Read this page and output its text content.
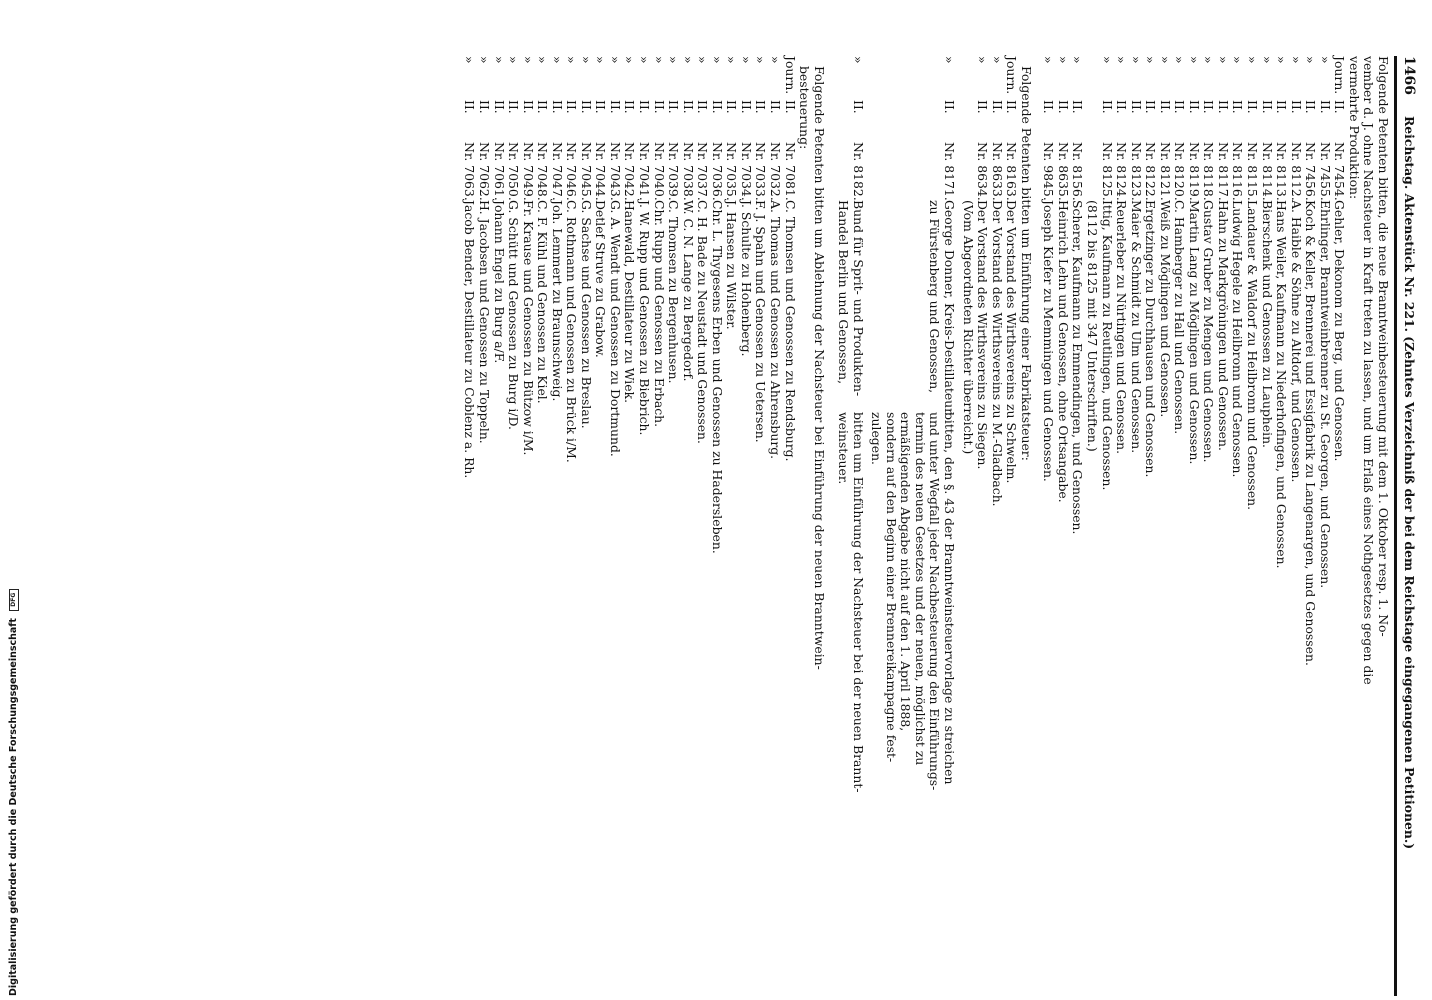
1466
Reichstag. Aktenstück Nr. 221. (Zehntes Verzeichniß der bei dem Reichstage eingegangenen Petitionen.)
Folgende Petenten bitten, die neue Branntweinbesteuerung mit dem 1. Oktober resp. 1. No-
vember d. J. ohne Nachsteuer in Kraft treten zu lassen, und um Erlaß eines Nothgesetzes gegen die
vermehrte Produktion:
Journ.
II.
Nr. 7454.
Gehler, Dekonom zu Berg, und Genossen.
»
II.
Nr. 7455.
Ehrlinger, Branntweinbrenner zu St. Georgen, und Genossen.
»
II.
Nr. 7456.
Koch & Keller, Brennerei und Essigfabrik zu Langenargen, und Genossen.
»
II.
Nr. 8112.
A. Haible & Söhne zu Altdorf, und Genossen.
»
II.
Nr. 8113.
Hans Weiler, Kaufmann zu Niederhofingen, und Genossen.
»
II.
Nr. 8114.
Bierschenk und Genossen zu Lauphein.
»
II.
Nr. 8115.
Landauer & Waldorf zu Heilbronn und Genossen.
»
II.
Nr. 8116.
Ludwig Hegele zu Heilbronn und Genossen.
»
II.
Nr. 8117.
Hahn zu Markgröningen und Genossen.
»
II.
Nr. 8118.
Gustav Gruber zu Mengen und Genossen.
»
II.
Nr. 8119.
Martin Lang zu Möglingen und Genossen.
»
II.
Nr. 8120.
C. Hamberger zu Hall und Genossen.
»
II.
Nr. 8121.
Weiß zu Möglingen und Genossen.
»
II.
Nr. 8122.
Ergetzinger zu Durchhausen und Genossen.
»
II.
Nr. 8123.
Maier & Schmidt zu Ulm und Genossen.
»
II.
Nr. 8124.
Reuerleber zu Nürtingen und Genossen.
»
II.
Nr. 8125.
Ittig, Kaufmann zu Reutlingen, und Genossen.
(8112 bis 8125 mit 347 Unterschriften.)
»
II.
Nr. 8156.
Scherer, Kaufmann zu Emmendingen, und Genossen.
»
II.
Nr. 8635.
Heinrich Lehn und Genossen, ohne Ortsangabe.
»
II.
Nr. 9845.
Joseph Kiefer zu Memmingen und Genossen.
Folgende Petenten bitten um Einführung einer Fabrikatsteuer:
Journ.
II.
Nr. 8163.
Der Vorstand des Wirthsvereins zu Schwelm.
»
II.
Nr. 8633.
Der Vorstand des Wirthsvereins zu M.-Gladbach.
»
II.
Nr. 8634.
Der Vorstand des Wirthsvereins zu Siegen.
(Vom Abgeordneten Richter überreicht.)
»
II.
Nr. 8171.
George Donner, Kreis-Destillateur
bitten, den §. 43 der Branntweinsteuervorlage zu streichen
zu Fürstenberg und Genossen,
und unter Wegfall jeder Nachbesteuerung den Einführungs-
termin des neuen Gesetzes und der neuen, möglichst zu
ermäßigenden Abgabe nicht auf den 1. April 1888,
sondern auf den Beginn einer Brennereikampagne fest-
zulegen.
»
II.
Nr. 8182.
Bund für Sprit- und Produkten-
bitten um Einführung der Nachsteuer bei der neuen Brannt-
Handel Berlin und Genossen,
weinsteuer.
Folgende Petenten bitten um Ablehnung der Nachsteuer bei Einführung der neuen Branntwein-
besteuerung:
Journ.
II.
Nr. 7081.
C. Thomsen und Genossen zu Rendsburg.
»
II.
Nr. 7032.
A. Thomas und Genossen zu Ahrensburg.
»
II.
Nr. 7033.
F. J. Spahn und Genossen zu Uetersen.
»
II.
Nr. 7034.
J. Schulte zu Hohenberg.
»
II.
Nr. 7035.
J. Hansen zu Wilster.
»
II.
Nr. 7036.
Chr. L. Thygesens Erben und Genossen zu Hadersleben.
»
II.
Nr. 7037.
C. H. Bade zu Neustadt und Genossen.
»
II.
Nr. 7038.
W. C. N. Lange zu Bergedorf.
»
II.
Nr. 7039.
C. Thomsen zu Bergenhusen.
»
II.
Nr. 7040.
Chr. Rupp und Genossen zu Erbach.
»
II.
Nr. 7041.
J. W. Rupp und Genossen zu Biebrich.
»
II.
Nr. 7042.
Hanewald, Destillateur zu Wiek.
»
II.
Nr. 7043.
G. A. Wendt und Genossen zu Dortmund.
»
II.
Nr. 7044.
Detlef Struve zu Grabow.
»
II.
Nr. 7045.
G. Sachse und Genossen zu Breslau.
»
II.
Nr. 7046.
C. Rothmann und Genossen zu Brück i/M.
»
II.
Nr. 7047.
Joh. Lemmert zu Braunschweig.
»
II.
Nr. 7048.
C. F. Kühl und Genossen zu Kiel.
»
II.
Nr. 7049.
Fr. Krause und Genossen zu Bützow i/M.
»
II.
Nr. 7050.
G. Schütt und Genossen zu Burg i/D.
»
II.
Nr. 7061.
Johann Engel zu Burg a/F.
»
II.
Nr. 7062.
H. Jacobsen und Genossen zu Toppeln.
»
II.
Nr. 7063.
Jacob Bender, Destillateur zu Coblenz a. Rh.
Digitalisierung gefördert durch die Deutsche Forschungsgemeinschaft DFG
